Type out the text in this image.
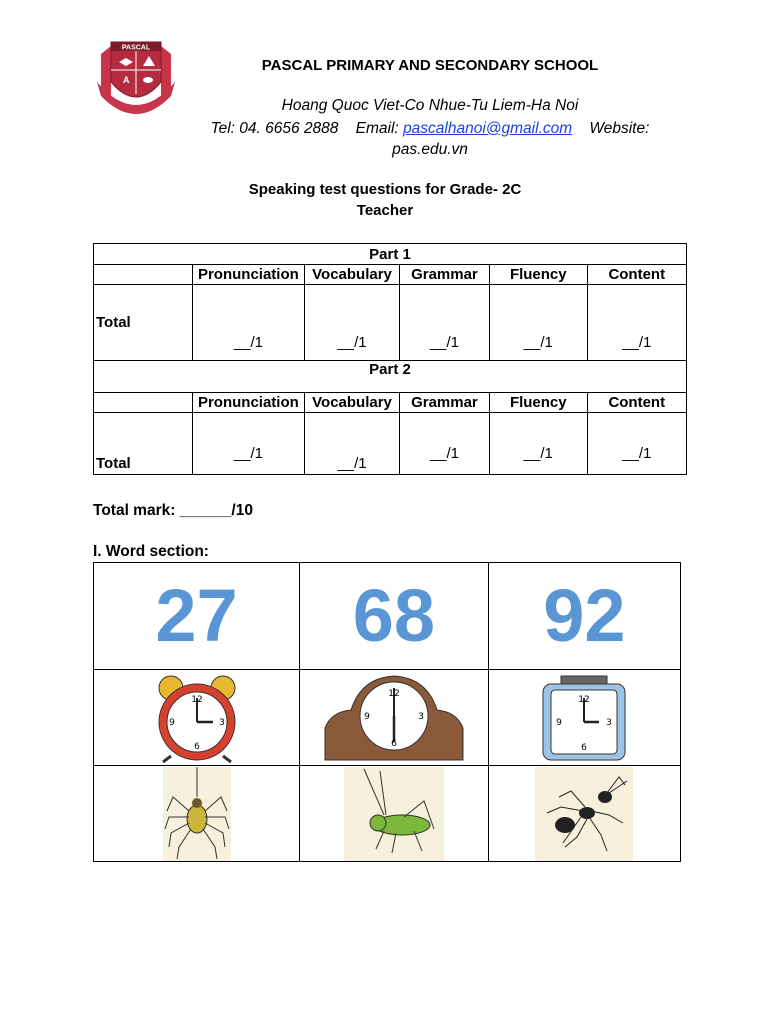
PASCAL
A
PASCAL PRIMARY AND SECONDARY SCHOOL
Hoang Quoc Viet-Co Nhue-Tu Liem-Ha Noi
Tel: 04. 6656 2888 Email: pascalhanoi@gmail.com Website:
pas.edu.vn
Speaking test questions for Grade- 2C
Teacher
Part 1					
	Pronunciation	Vocabulary	Grammar	Fluency	Content
Total	__/1	__/1	__/1	__/1	__/1
Part 2					
	Pronunciation	Vocabulary	Grammar	Fluency	Content
Total	__/1	__/1	__/1	__/1	__/1
Total mark: ______/10
I. Word section:
27	68	92

12
3
6
9	12
3
6
9	12
3
6
9
